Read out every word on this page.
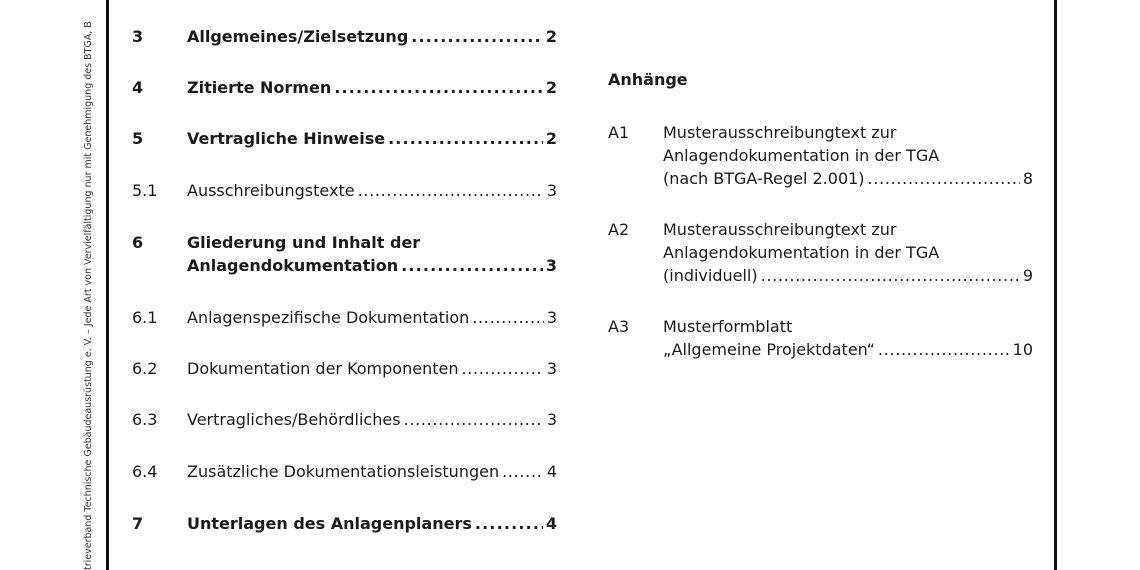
trieverband Technische Gebäudeausrüstung e. V. – Jede Art von Vervielfältigung nur mit Genehmigung des BTGA, B 3	Allgemeines/Zielsetzung . . .	2
4	Zitierte Normen . . .	2
5	Vertragliche Hinweise . . .	2
5.1 Ausschreibungstexte . . .	3
6	Gliederung und Inhalt der
Anlagendokumentation . . .	3
6.1 Anlagenspezifische Dokumentation . . .	3
6.2 Dokumentation der Komponenten . . .	3
6.3 Vertragliches/Behördliches . . .	3
6.4 Zusätzliche Dokumentationsleistungen . . .	4
7	Unterlagen des Anlagenplaners . . .	4
Anhänge
A1 Musterausschreibungtext zur
Anlagendokumentation in der TGA
(nach BTGA-Regel 2.001) . . .	8
A2 Musterausschreibungtext zur
Anlagendokumentation in der TGA
(individuell) . . .	9
A3 Musterformblatt
„Allgemeine Projektdaten“ . . .	10
